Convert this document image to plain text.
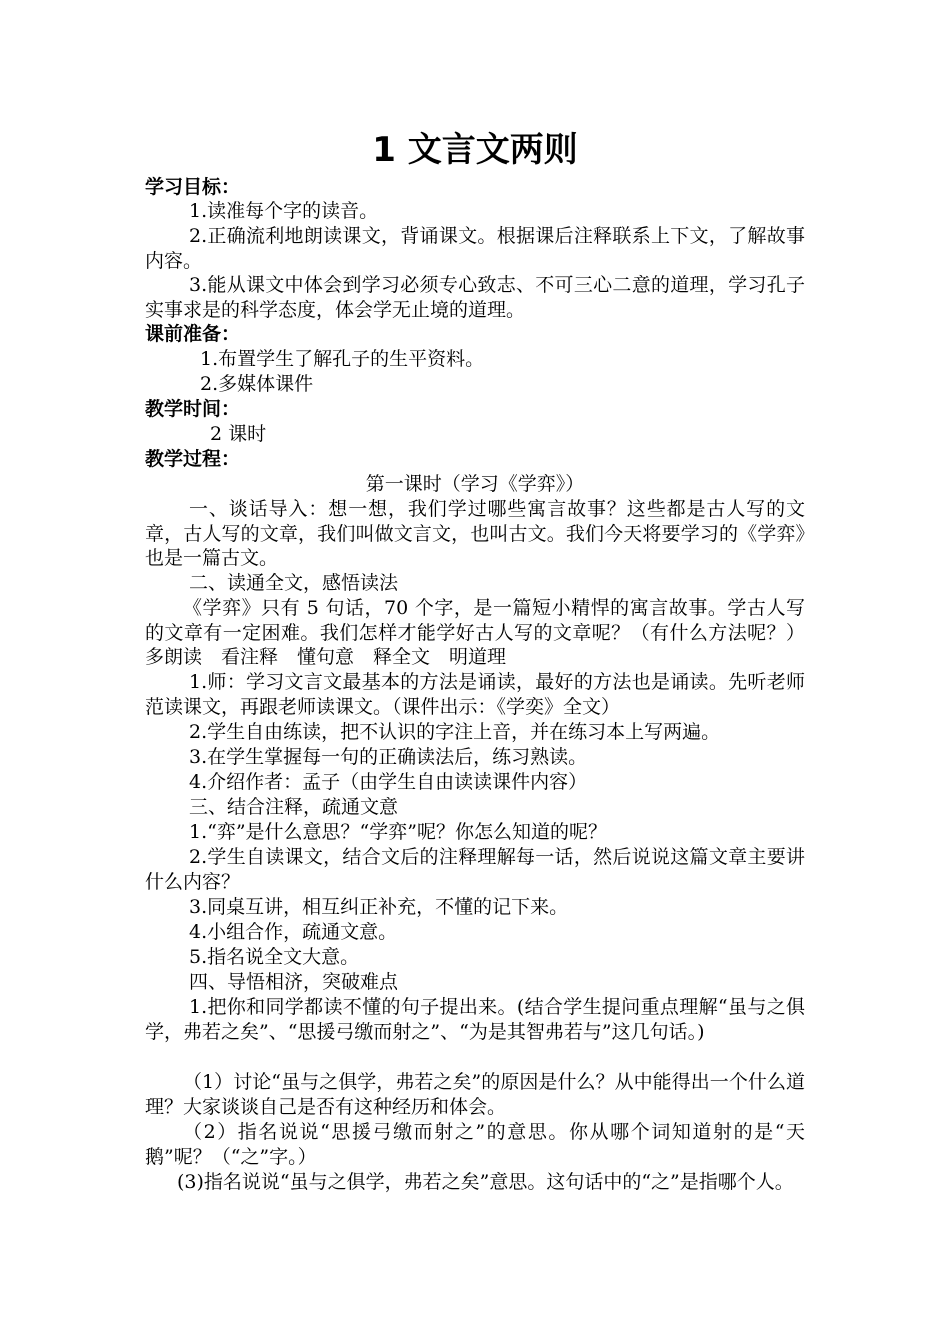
1 文言文两则
学习目标：
1.读准每个字的读音。
2.正确流利地朗读课文，背诵课文。根据课后注释联系上下文，了解故事内容。
3.能从课文中体会到学习必须专心致志、不可三心二意的道理，学习孔子实事求是的科学态度，体会学无止境的道理。
课前准备：
1.布置学生了解孔子的生平资料。
2.多媒体课件
教学时间：
2 课时
教学过程：
第一课时（学习《学弈》）
一、谈话导入：想一想，我们学过哪些寓言故事？这些都是古人写的文章，古人写的文章，我们叫做文言文，也叫古文。我们今天将要学习的《学弈》也是一篇古文。
二、读通全文，感悟读法
《学弈》只有 5 句话，70 个字，是一篇短小精悍的寓言故事。学古人写的文章有一定困难。我们怎样才能学好古人写的文章呢？（有什么方法呢？）多朗读　看注释　懂句意　释全文　明道理
1.师：学习文言文最基本的方法是诵读，最好的方法也是诵读。先听老师范读课文，再跟老师读课文。（课件出示：《学奕》全文）
2.学生自由练读，把不认识的字注上音，并在练习本上写两遍。
3.在学生掌握每一句的正确读法后，练习熟读。
4.介绍作者：孟子（由学生自由读读课件内容）
三、结合注释，疏通文意
1.“弈”是什么意思？“学弈”呢？你怎么知道的呢？
2.学生自读课文，结合文后的注释理解每一话，然后说说这篇文章主要讲什么内容？
3.同桌互讲，相互纠正补充，不懂的记下来。
4.小组合作，疏通文意。
5.指名说全文大意。
四、导悟相济，突破难点
1.把你和同学都读不懂的句子提出来。(结合学生提问重点理解“虽与之俱学，弗若之矣”、“思援弓缴而射之”、“为是其智弗若与”这几句话。)
（1）讨论“虽与之俱学，弗若之矣”的原因是什么？从中能得出一个什么道理？大家谈谈自己是否有这种经历和体会。
（2）指名说说“思援弓缴而射之”的意思。你从哪个词知道射的是“天鹅”呢？（“之”字。）
(3)指名说说“虽与之俱学，弗若之矣”意思。这句话中的“之”是指哪个人。
